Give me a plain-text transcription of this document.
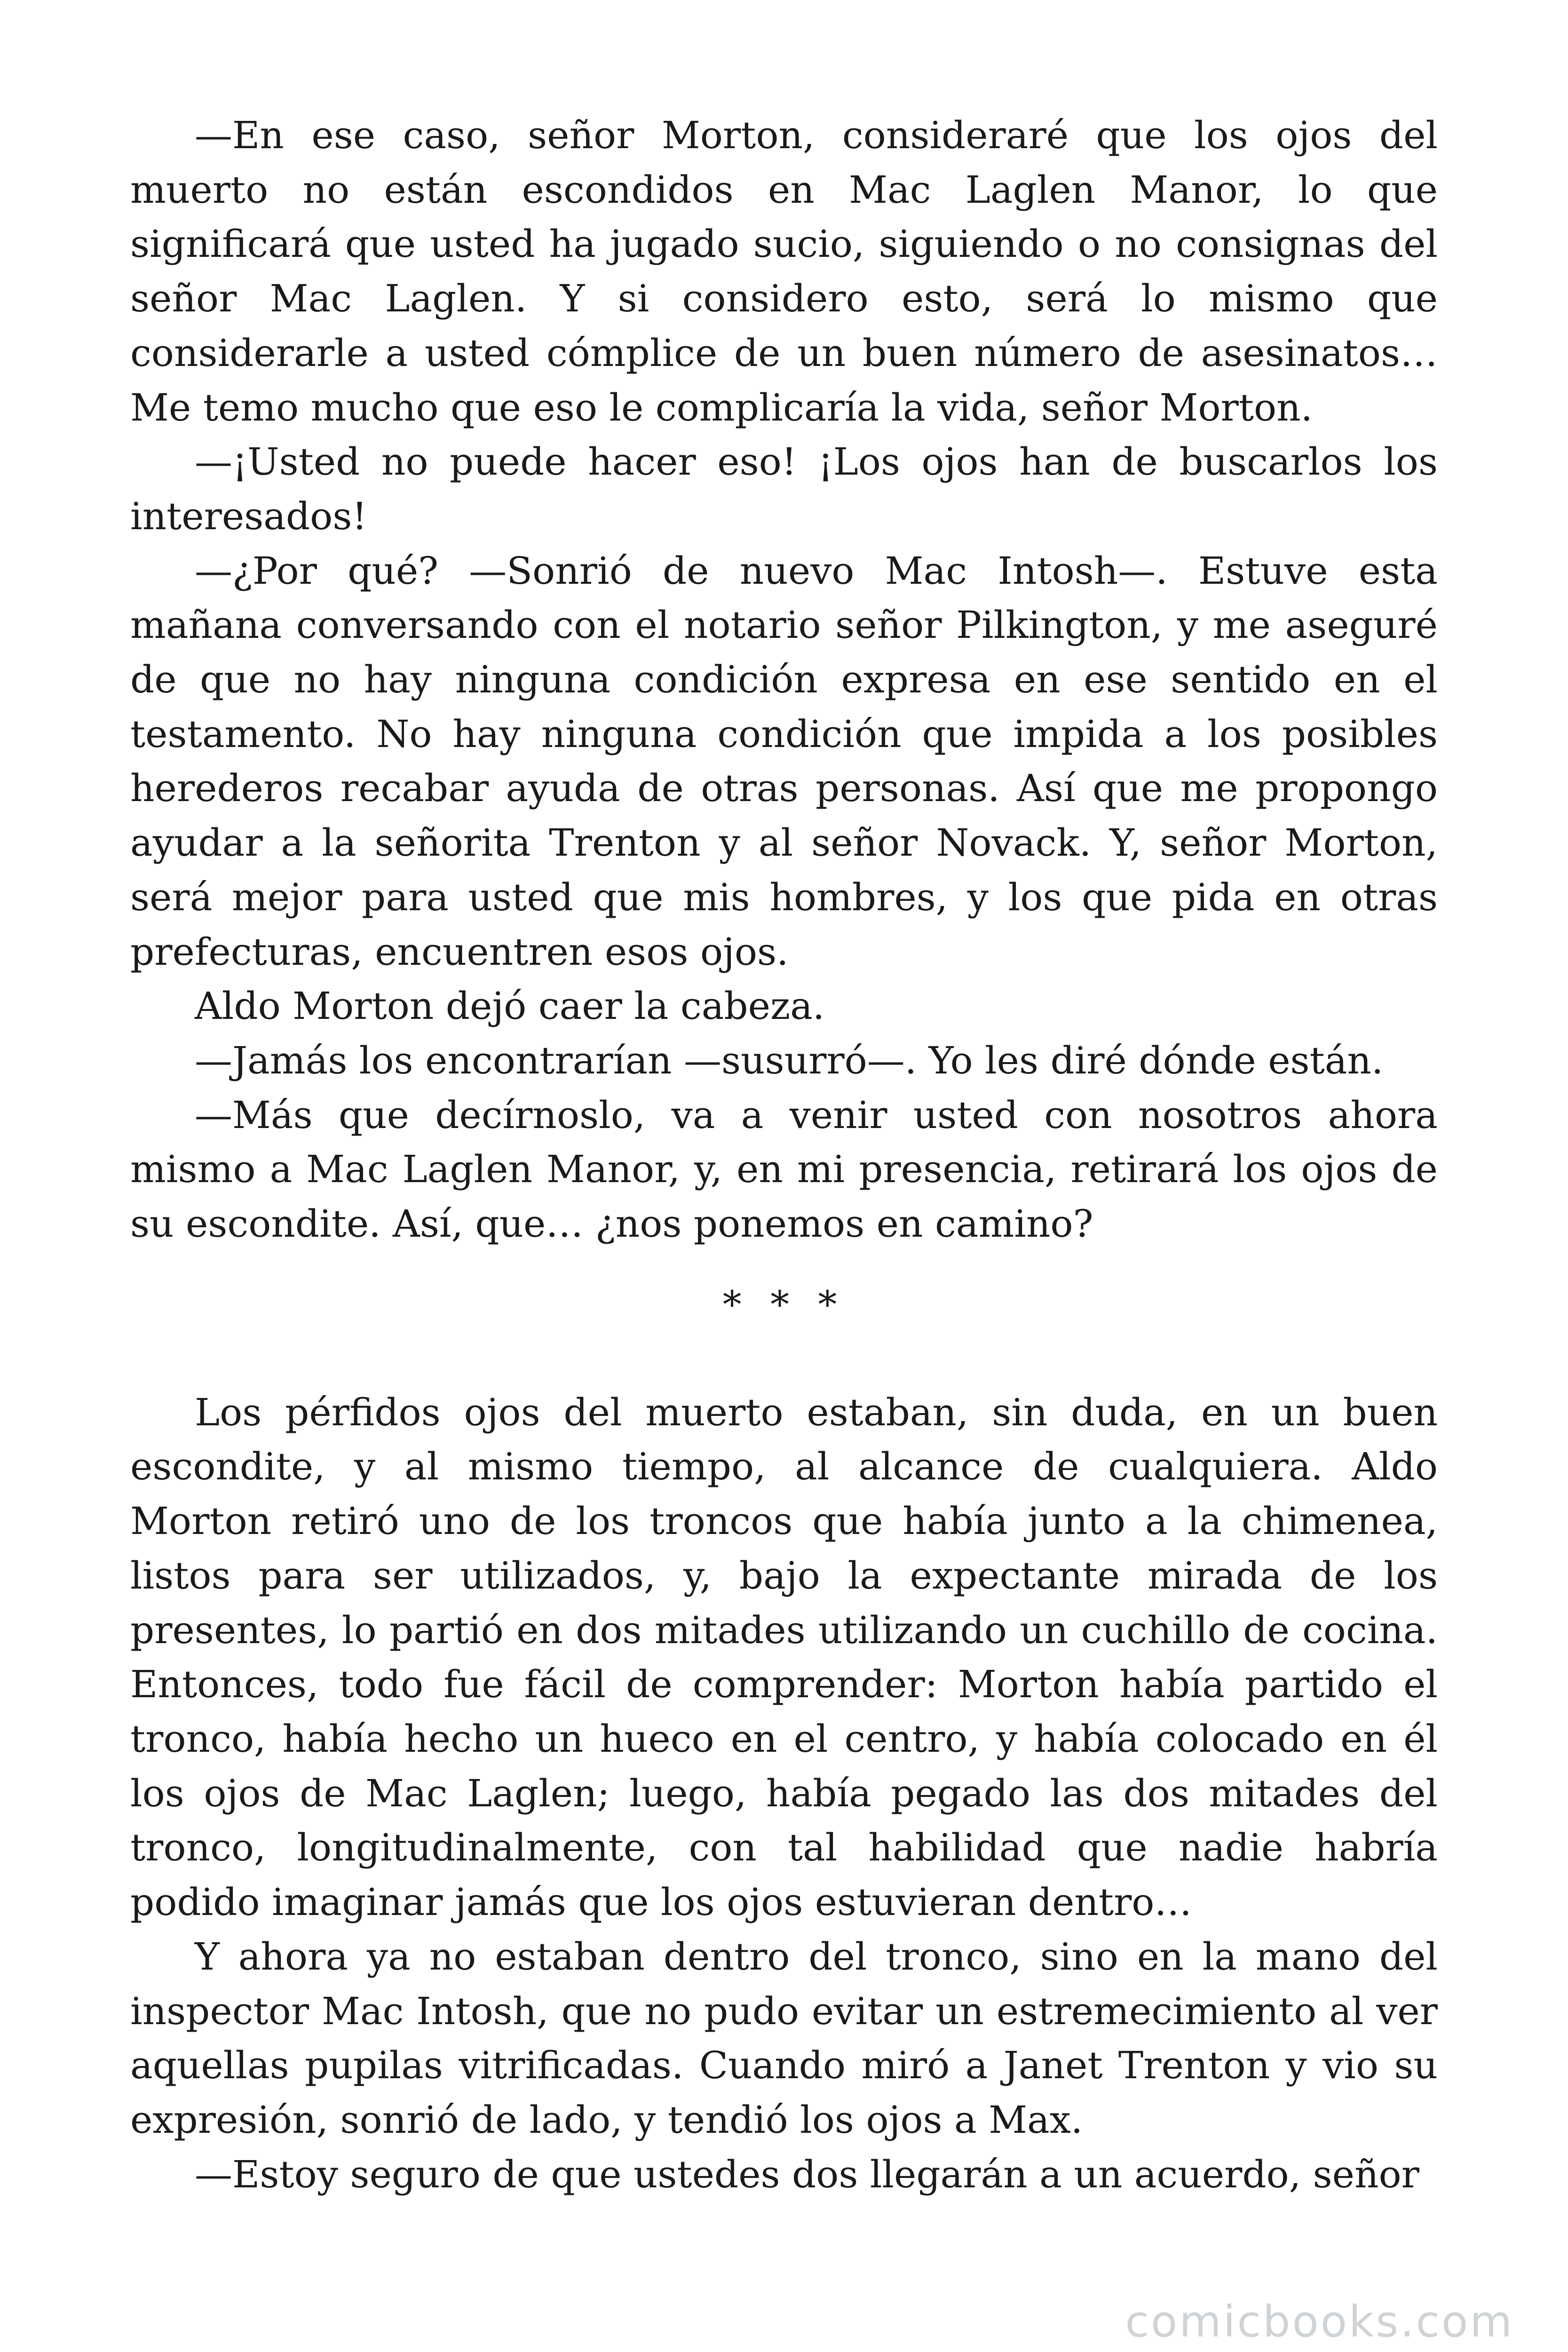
—En ese caso, señor Morton, consideraré que los ojos del muerto no están escondidos en Mac Laglen Manor, lo que significará que usted ha jugado sucio, siguiendo o no consignas del señor Mac Laglen. Y si considero esto, será lo mismo que considerarle a usted cómplice de un buen número de asesinatos… Me temo mucho que eso le complicaría la vida, señor Morton.

—¡Usted no puede hacer eso! ¡Los ojos han de buscarlos los interesados!

—¿Por qué? —Sonrió de nuevo Mac Intosh—. Estuve esta mañana conversando con el notario señor Pilkington, y me aseguré de que no hay ninguna condición expresa en ese sentido en el testamento. No hay ninguna condición que impida a los posibles herederos recabar ayuda de otras personas. Así que me propongo ayudar a la señorita Trenton y al señor Novack. Y, señor Morton, será mejor para usted que mis hombres, y los que pida en otras prefecturas, encuentren esos ojos.

Aldo Morton dejó caer la cabeza.

—Jamás los encontrarían —susurró—. Yo les diré dónde están.

—Más que decírnoslo, va a venir usted con nosotros ahora mismo a Mac Laglen Manor, y, en mi presencia, retirará los ojos de su escondite. Así, que… ¿nos ponemos en camino?

* * *

Los pérfidos ojos del muerto estaban, sin duda, en un buen escondite, y al mismo tiempo, al alcance de cualquiera. Aldo Morton retiró uno de los troncos que había junto a la chimenea, listos para ser utilizados, y, bajo la expectante mirada de los presentes, lo partió en dos mitades utilizando un cuchillo de cocina. Entonces, todo fue fácil de comprender: Morton había partido el tronco, había hecho un hueco en el centro, y había colocado en él los ojos de Mac Laglen; luego, había pegado las dos mitades del tronco, longitudinalmente, con tal habilidad que nadie habría podido imaginar jamás que los ojos estuvieran dentro…

Y ahora ya no estaban dentro del tronco, sino en la mano del inspector Mac Intosh, que no pudo evitar un estremecimiento al ver aquellas pupilas vitrificadas. Cuando miró a Janet Trenton y vio su expresión, sonrió de lado, y tendió los ojos a Max.

—Estoy seguro de que ustedes dos llegarán a un acuerdo, señor

comicbooks.com
